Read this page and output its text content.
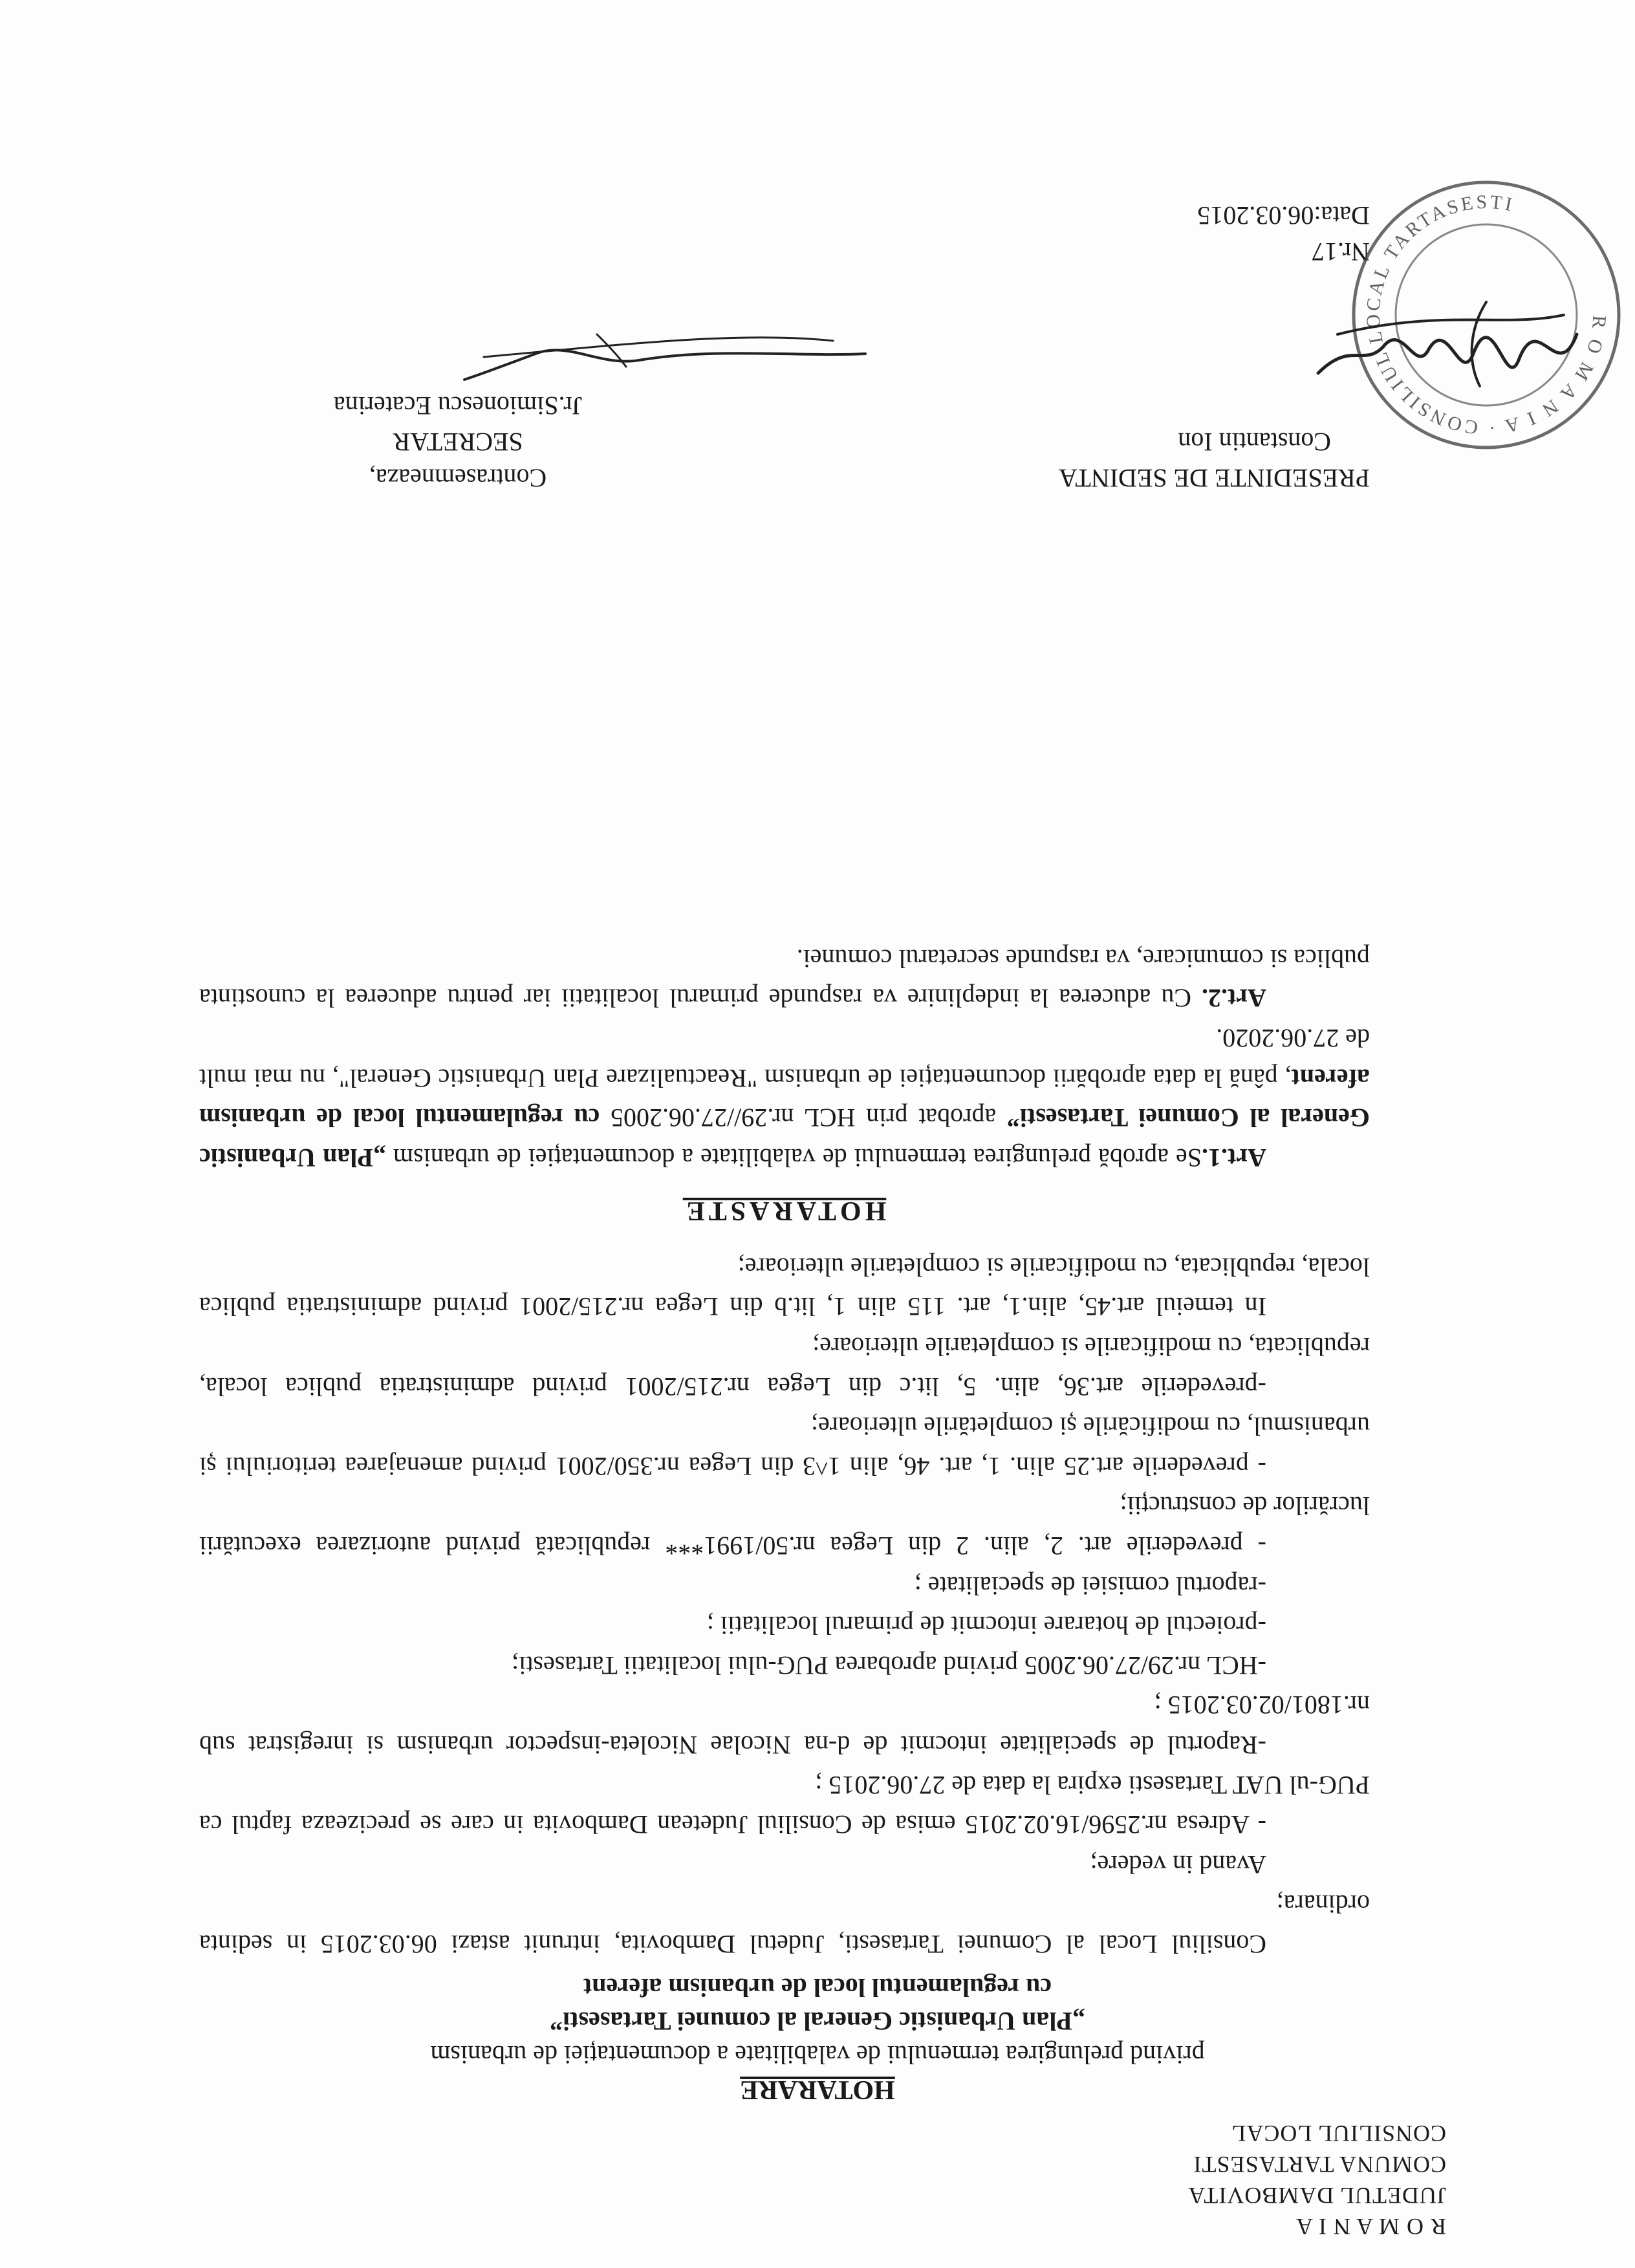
R O M A N I A
JUDETUL DAMBOVITA
COMUNA TARTASESTI
CONSILIUL LOCAL
HOTARARE
privind prelungirea termenului de valabilitate a documentației de urbanism
„Plan Urbanistic General al comunei Tartasesti”
cu regulamentul local de urbanism aferent

Consiliul Local al Comunei Tartasesti, Judetul Dambovita, intrunit astazi 06.03.2015 in sedinta ordinara;

Avand in vedere;

- Adresa nr.2596/16.02.2015 emisa de Consiliul Judetean Dambovita in care se precizeaza faptul ca PUG-ul UAT Tartasesti expira la data de 27.06.2015 ;

-Raportul de specialitate intocmit de d-na Nicolae Nicoleta-inspector urbanism si inregistrat sub nr.1801/02.03.2015 ;

-HCL nr.29/27.06.2005 privind aprobarea PUG-ului localitatii Tartasesti;

-proiectul de hotarare intocmit de primarul localitatii ;

-raportul comisiei de specialitate ;

- prevederile art. 2, alin. 2 din Legea nr.50/1991*** republicată privind autorizarea executării lucrărilor de construcții;

- prevederile art.25 alin. 1, art. 46, alin 1^3 din Legea nr.350/2001 privind amenajarea teritoriului și urbanismul, cu modificările și completările ulterioare;

-prevederile art.36, alin. 5, lit.c din Legea nr.215/2001 privind administratia publica locala, republicata, cu modificarile si completarile ulterioare;

In temeiul art.45, alin.1, art. 115 alin 1, lit.b din Legea nr.215/2001 privind administratia publica locala, republicata, cu modificarile si completarile ulterioare;

HOTARASTE

Art.1.Se aprobă prelungirea termenului de valabilitate a documentației de urbanism „Plan Urbanistic General al Comunei Tartasesti” aprobat prin HCL nr.29//27.06.2005 cu regulamentul local de urbanism aferent, până la data aprobării documentației de urbanism "Reactualizare Plan Urbanistic General", nu mai mult de 27.06.2020.

Art.2. Cu aducerea la indeplinire va raspunde primarul localitatii iar pentru aducerea la cunostinta publica si comunicare, va raspunde secretarul comunei.

PRESEDINTE DE SEDINTA
Constantin Ion
Contrasemneaza,
SECRETAR
Jr.Simionescu Ecaterina
Nr.17
Data:06.03.2015
R O M A N I A · CONSILIUL LOCAL TARTASESTI
